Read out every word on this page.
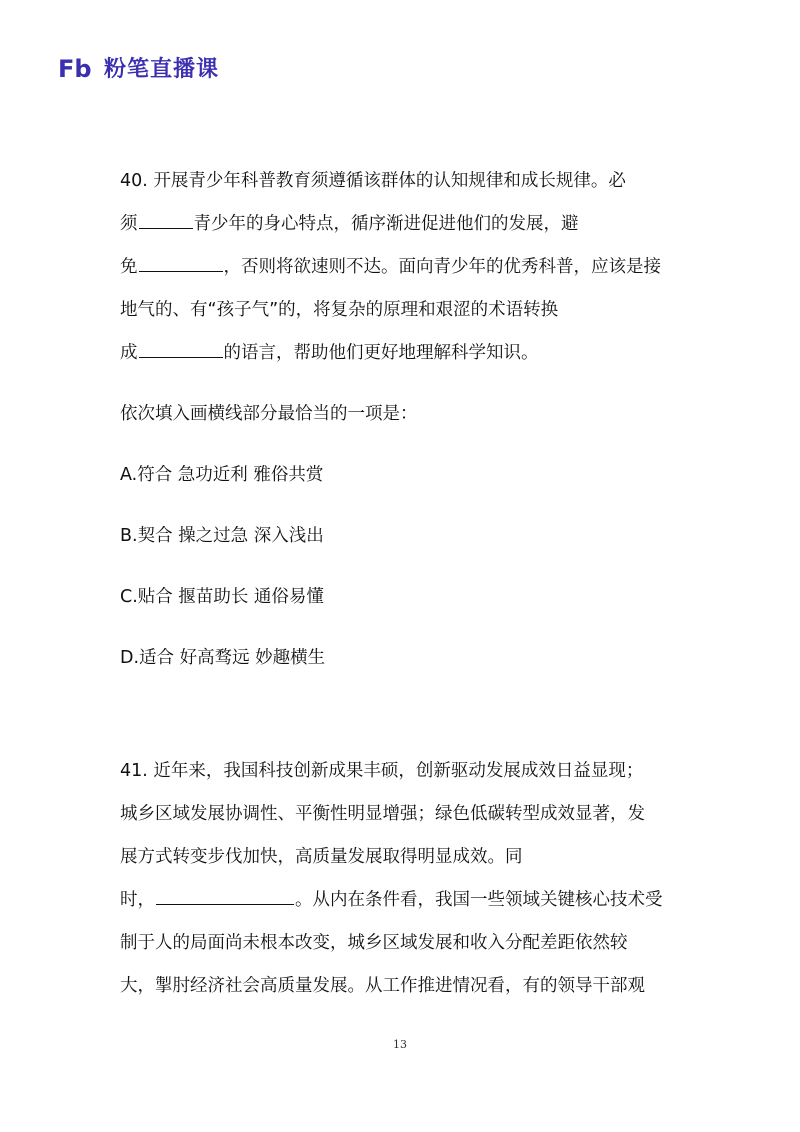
Fb 粉笔直播课
40. 开展青少年科普教育须遵循该群体的认知规律和成长规律。必
须	青少年的身心特点，循序渐进促进他们的发展，避
免	，否则将欲速则不达。面向青少年的优秀科普，应该是接
地气的、有“孩子气”的，将复杂的原理和艰涩的术语转换
成	的语言，帮助他们更好地理解科学知识。
依次填入画横线部分最恰当的一项是：
A.符合 急功近利 雅俗共赏
B.契合 操之过急 深入浅出
C.贴合 揠苗助长 通俗易懂
D.适合 好高骛远 妙趣横生
41. 近年来，我国科技创新成果丰硕，创新驱动发展成效日益显现；
城乡区域发展协调性、平衡性明显增强；绿色低碳转型成效显著，发
展方式转变步伐加快，高质量发展取得明显成效。同
时，	。从内在条件看，我国一些领域关键核心技术受
制于人的局面尚未根本改变，城乡区域发展和收入分配差距依然较
大，掣肘经济社会高质量发展。从工作推进情况看，有的领导干部观
13
